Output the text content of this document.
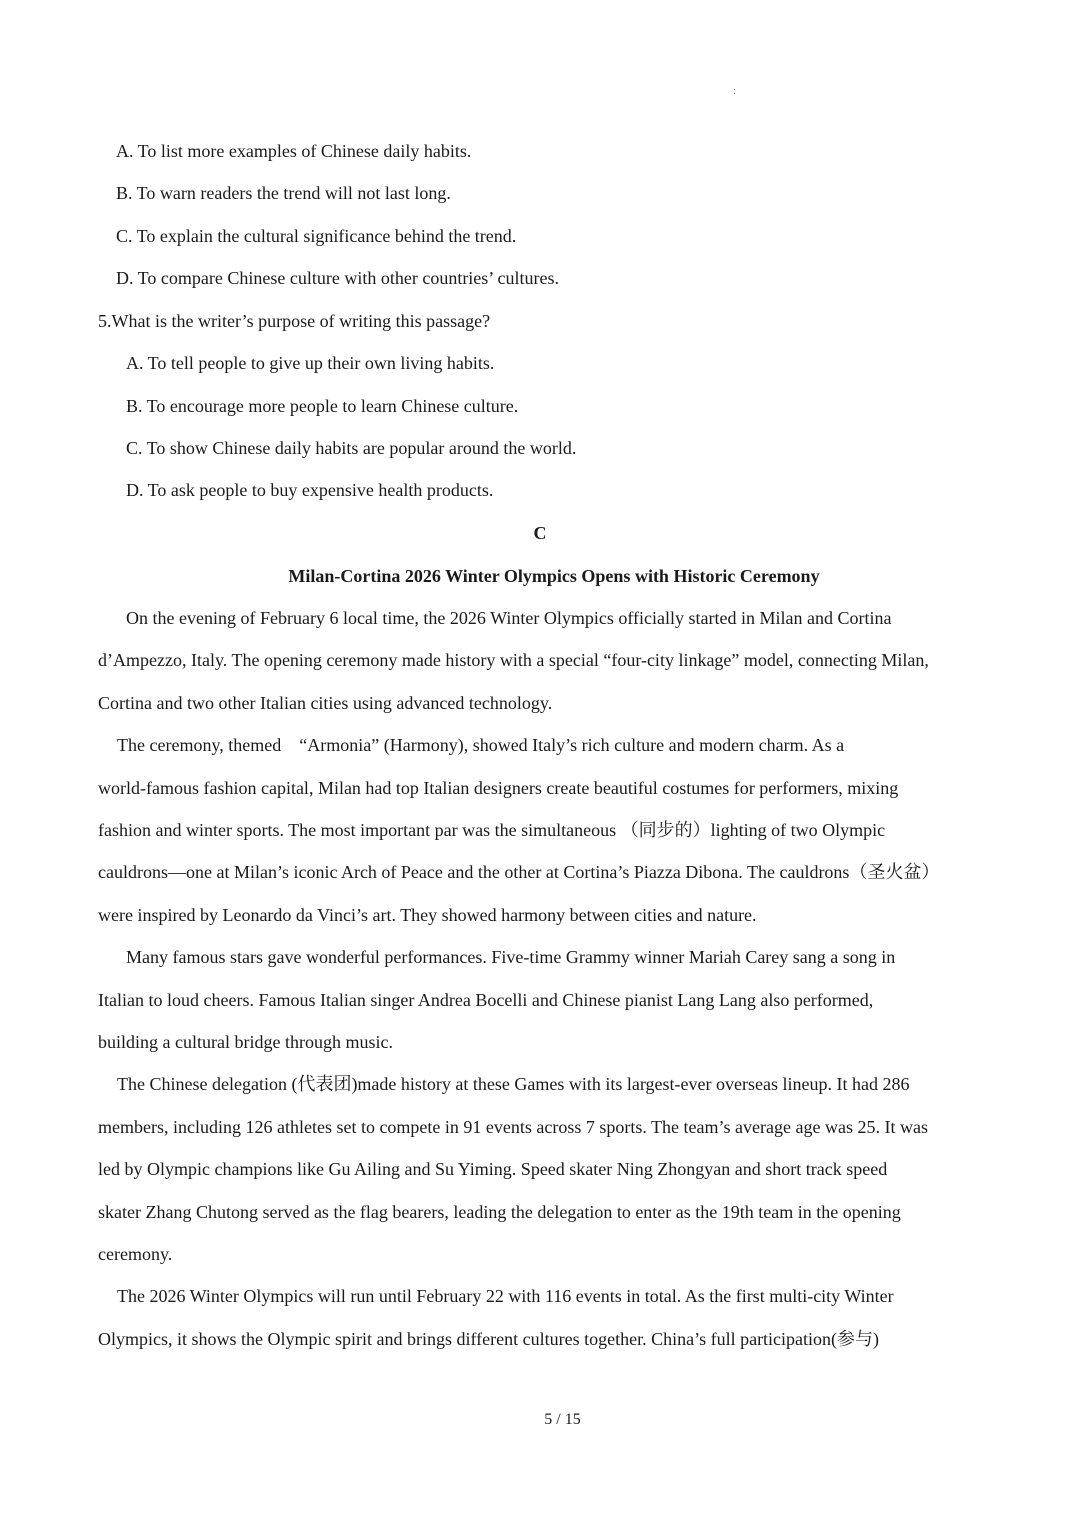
:
A. To list more examples of Chinese daily habits.
B. To warn readers the trend will not last long.
C. To explain the cultural significance behind the trend.
D. To compare Chinese culture with other countries’ cultures.
5.What is the writer’s purpose of writing this passage?
A. To tell people to give up their own living habits.
B. To encourage more people to learn Chinese culture.
C. To show Chinese daily habits are popular around the world.
D. To ask people to buy expensive health products.
C
Milan-Cortina 2026 Winter Olympics Opens with Historic Ceremony
On the evening of February 6 local time, the 2026 Winter Olympics officially started in Milan and Cortina
d’Ampezzo, Italy. The opening ceremony made history with a special “four-city linkage” model, connecting Milan,
Cortina and two other Italian cities using advanced technology.
The ceremony, themed    “Armonia” (Harmony), showed Italy’s rich culture and modern charm. As a
world-famous fashion capital, Milan had top Italian designers create beautiful costumes for performers, mixing
fashion and winter sports. The most important par was the simultaneous （同步的）lighting of two Olympic
cauldrons—one at Milan’s iconic Arch of Peace and the other at Cortina’s Piazza Dibona. The cauldrons（圣火盆）
were inspired by Leonardo da Vinci’s art. They showed harmony between cities and nature.
Many famous stars gave wonderful performances. Five-time Grammy winner Mariah Carey sang a song in
Italian to loud cheers. Famous Italian singer Andrea Bocelli and Chinese pianist Lang Lang also performed,
building a cultural bridge through music.
The Chinese delegation (代表团)made history at these Games with its largest-ever overseas lineup. It had 286
members, including 126 athletes set to compete in 91 events across 7 sports. The team’s average age was 25. It was
led by Olympic champions like Gu Ailing and Su Yiming. Speed skater Ning Zhongyan and short track speed
skater Zhang Chutong served as the flag bearers, leading the delegation to enter as the 19th team in the opening
ceremony.
The 2026 Winter Olympics will run until February 22 with 116 events in total. As the first multi-city Winter
Olympics, it shows the Olympic spirit and brings different cultures together. China’s full participation(参与)
5 / 15
